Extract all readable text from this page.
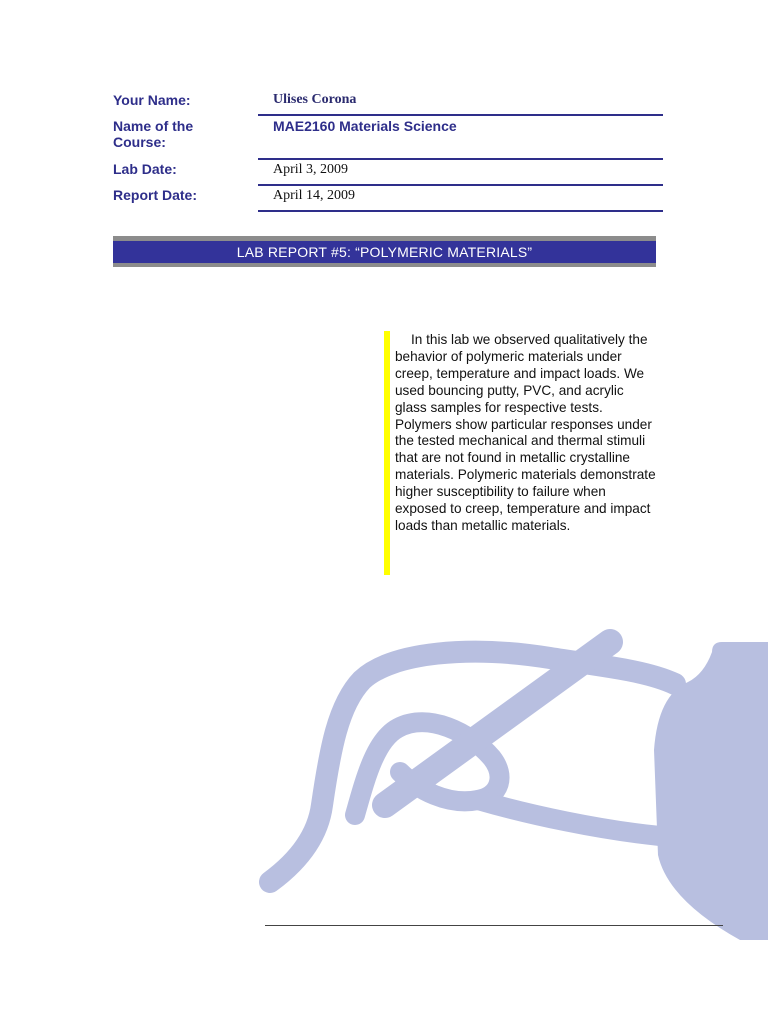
Your Name:	Ulises Corona
Name of the Course:
MAE2160 Materials Science
Lab Date:	April 3, 2009
Report Date:	April 14, 2009
LAB REPORT #5: “POLYMERIC MATERIALS”

In this lab we observed qualitatively the behavior of polymeric materials under creep, temperature and impact loads. We used bouncing putty, PVC, and acrylic glass samples for respective tests. Polymers show particular responses under the tested mechanical and thermal stimuli that are not found in metallic crystalline materials. Polymeric materials demonstrate higher susceptibility to failure when exposed to creep, temperature and impact loads than metallic materials.
